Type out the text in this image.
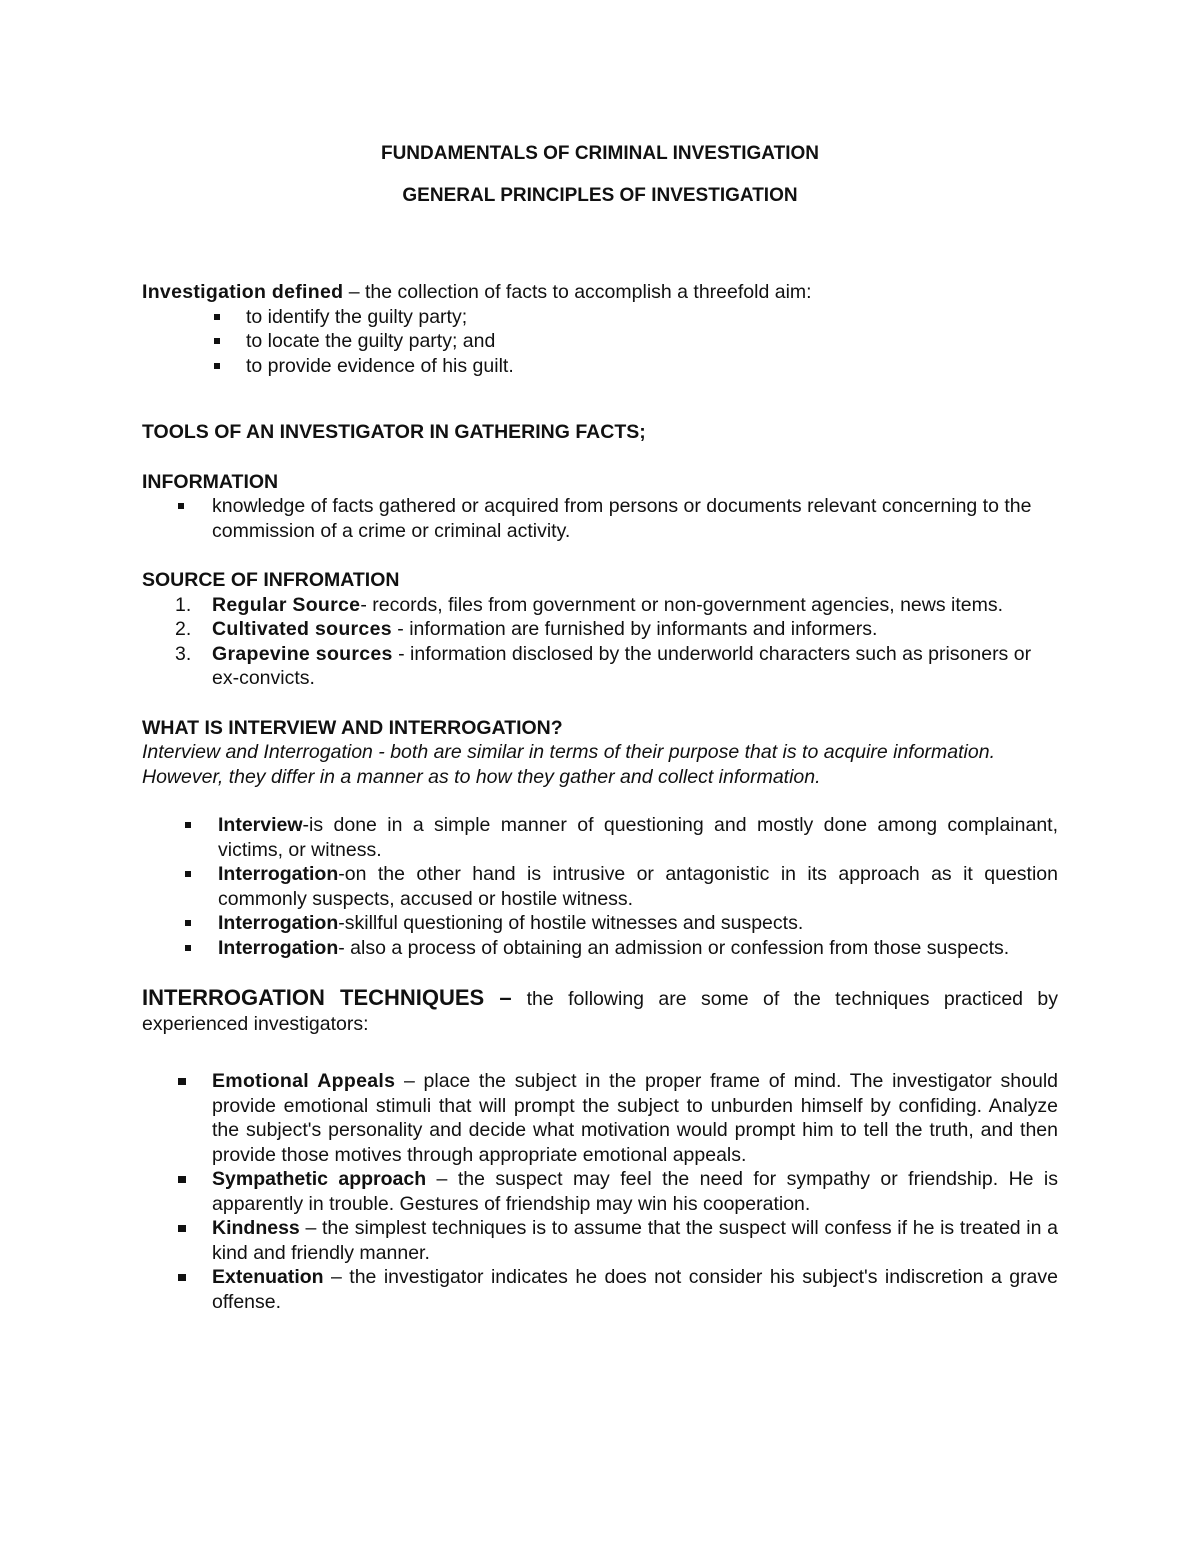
FUNDAMENTALS OF CRIMINAL INVESTIGATION

GENERAL PRINCIPLES OF INVESTIGATION

Investigation defined – the collection of facts to accomplish a threefold aim:
to identify the guilty party;
to locate the guilty party; and
to provide evidence of his guilt.
TOOLS OF AN INVESTIGATOR IN GATHERING FACTS;
INFORMATION
knowledge of facts gathered or acquired from persons or documents relevant concerning to the commission of a crime or criminal activity.
SOURCE OF INFROMATION
1. Regular Source- records, files from government or non-government agencies, news items.
2. Cultivated sources - information are furnished by informants and informers.
3. Grapevine sources - information disclosed by the underworld characters such as prisoners or ex-convicts.
WHAT IS INTERVIEW AND INTERROGATION?

Interview and Interrogation - both are similar in terms of their purpose that is to acquire information. However, they differ in a manner as to how they gather and collect information.

Interview-is done in a simple manner of questioning and mostly done among complainant, victims, or witness.
Interrogation-on the other hand is intrusive or antagonistic in its approach as it question commonly suspects, accused or hostile witness.
Interrogation-skillful questioning of hostile witnesses and suspects.
Interrogation- also a process of obtaining an admission or confession from those suspects.
INTERROGATION TECHNIQUES – the following are some of the techniques practiced by experienced investigators:
Emotional Appeals – place the subject in the proper frame of mind. The investigator should provide emotional stimuli that will prompt the subject to unburden himself by confiding. Analyze the subject's personality and decide what motivation would prompt him to tell the truth, and then provide those motives through appropriate emotional appeals.
Sympathetic approach – the suspect may feel the need for sympathy or friendship. He is apparently in trouble. Gestures of friendship may win his cooperation.
Kindness – the simplest techniques is to assume that the suspect will confess if he is treated in a kind and friendly manner.
Extenuation – the investigator indicates he does not consider his subject's indiscretion a grave offense.
